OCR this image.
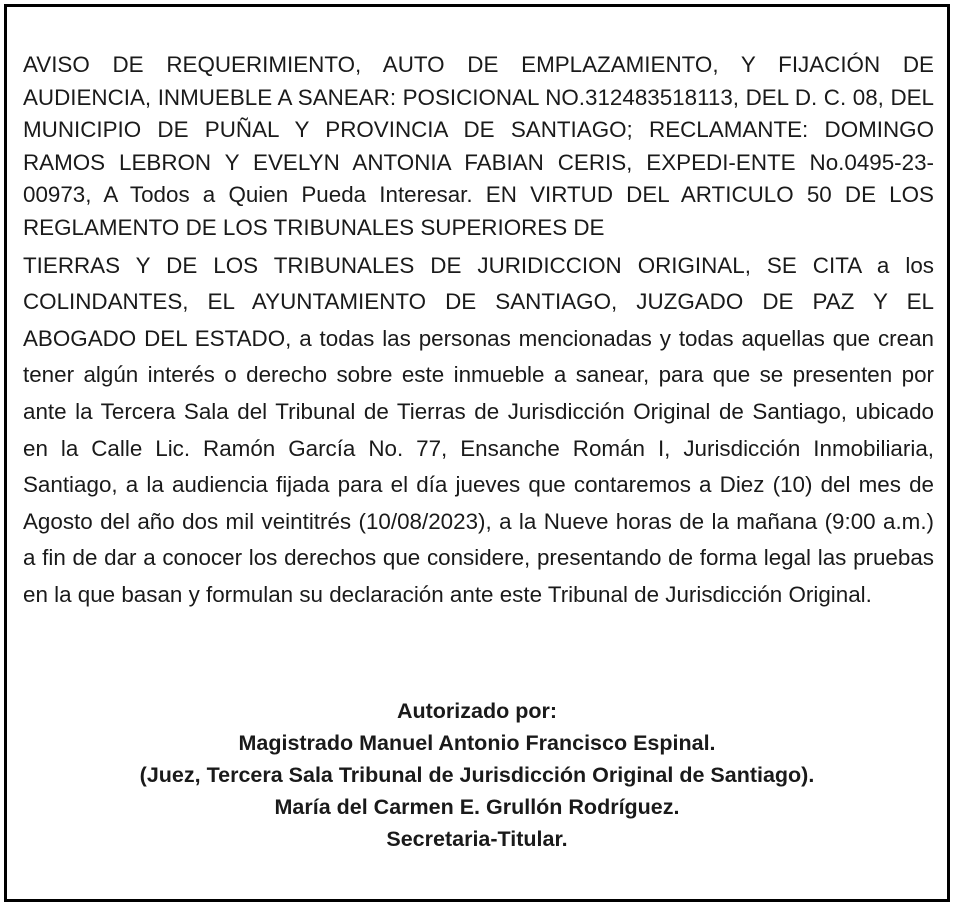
AVISO DE REQUERIMIENTO, AUTO DE EMPLAZAMIENTO, Y FIJACIÓN DE AUDIENCIA, INMUEBLE A SANEAR: POSICIONAL NO.312483518113, DEL D. C. 08, DEL MUNICIPIO DE PUÑAL Y PROVINCIA DE SANTIAGO; RECLAMANTE: DOMINGO RAMOS LEBRON Y EVELYN ANTONIA FABIAN CERIS, EXPEDI-ENTE No.0495-23-00973, A Todos a Quien Pueda Interesar. EN VIRTUD DEL ARTICULO 50 DE LOS REGLAMENTO DE LOS TRIBUNALES SUPERIORES DE
TIERRAS Y DE LOS TRIBUNALES DE JURIDICCION ORIGINAL, SE CITA a los COLINDANTES, EL AYUNTAMIENTO DE SANTIAGO, JUZGADO DE PAZ Y EL ABOGADO DEL ESTADO, a todas las personas mencionadas y todas aquellas que crean tener algún interés o derecho sobre este inmueble a sanear, para que se presenten por ante la Tercera Sala del Tribunal de Tierras de Jurisdicción Original de Santiago, ubicado en la Calle Lic. Ramón García No. 77, Ensanche Román I, Jurisdicción Inmobiliaria, Santiago, a la audiencia fijada para el día jueves que contaremos a Diez (10) del mes de Agosto del año dos mil veintitrés (10/08/2023), a la Nueve horas de la mañana (9:00 a.m.) a fin de dar a conocer los derechos que considere, presentando de forma legal las pruebas en la que basan y formulan su declaración ante este Tribunal de Jurisdicción Original.

Autorizado por:
Magistrado Manuel Antonio Francisco Espinal.
(Juez, Tercera Sala Tribunal de Jurisdicción Original de Santiago).
María del Carmen E. Grullón Rodríguez.
Secretaria-Titular.
